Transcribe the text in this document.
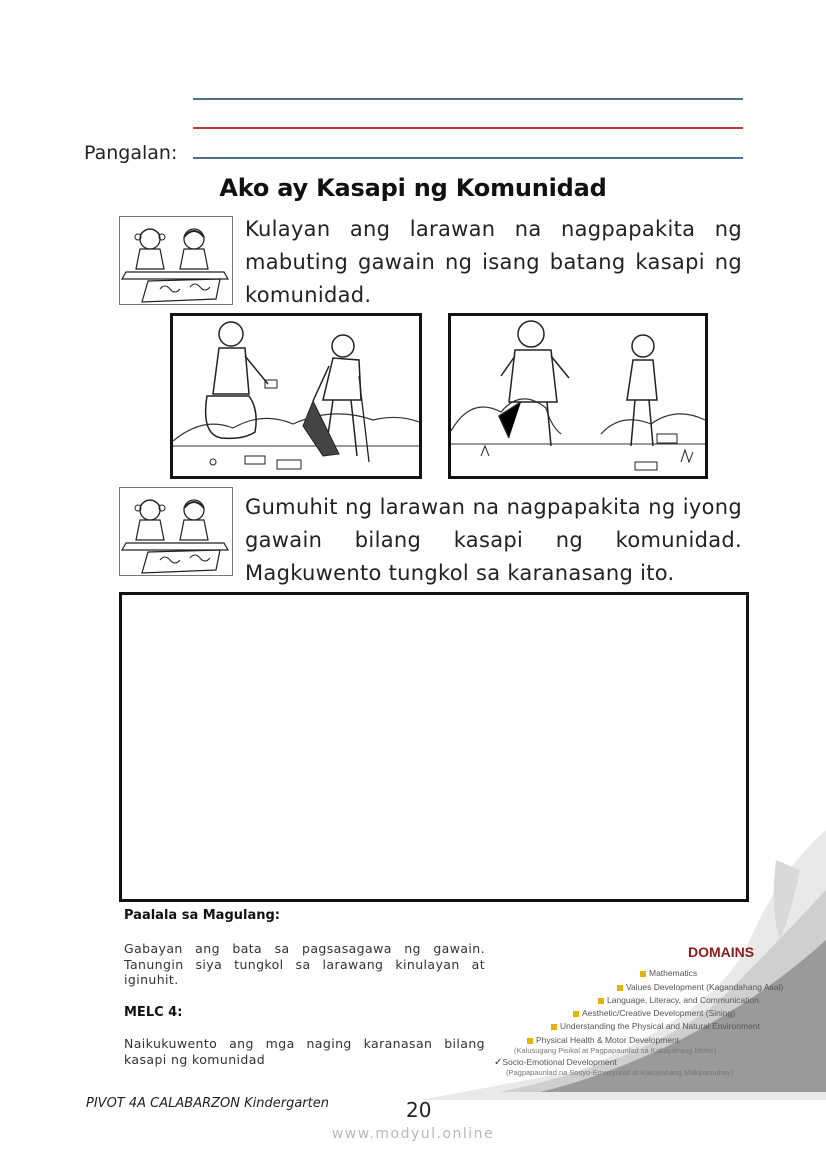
Pangalan:
Ako ay Kasapi ng Komunidad
Kulayan ang larawan na nagpapakita ng mabuting gawain ng isang batang kasapi ng komunidad.
Gumuhit ng larawan na nagpapakita ng iyong gawain bilang kasapi ng komunidad. Magkuwento tungkol sa karanasang ito.
DOMAINS
Mathematics
Values Development (Kagandahang Asal)
Language, Literacy, and Communication
Aesthetic/Creative Development (Sining)
Understanding the Physical and Natural Environment
Physical Health & Motor Development
(Kalusugang Pisikal at Pagpapaunlad sa Kakayahang Motor)
✓Socio-Emotional Development
(Pagpapaunlad na Sosyo-Emosyunal at Kakayahang Makipamuhay)
Paalala sa Magulang:
Gabayan ang bata sa pagsasagawa ng gawain. Tanungin siya tungkol sa larawang kinulayan at iginuhit.
MELC 4:
Naikukuwento ang mga naging karanasan bilang kasapi ng komunidad
PIVOT 4A CALABARZON Kindergarten	20
www.modyul.online
